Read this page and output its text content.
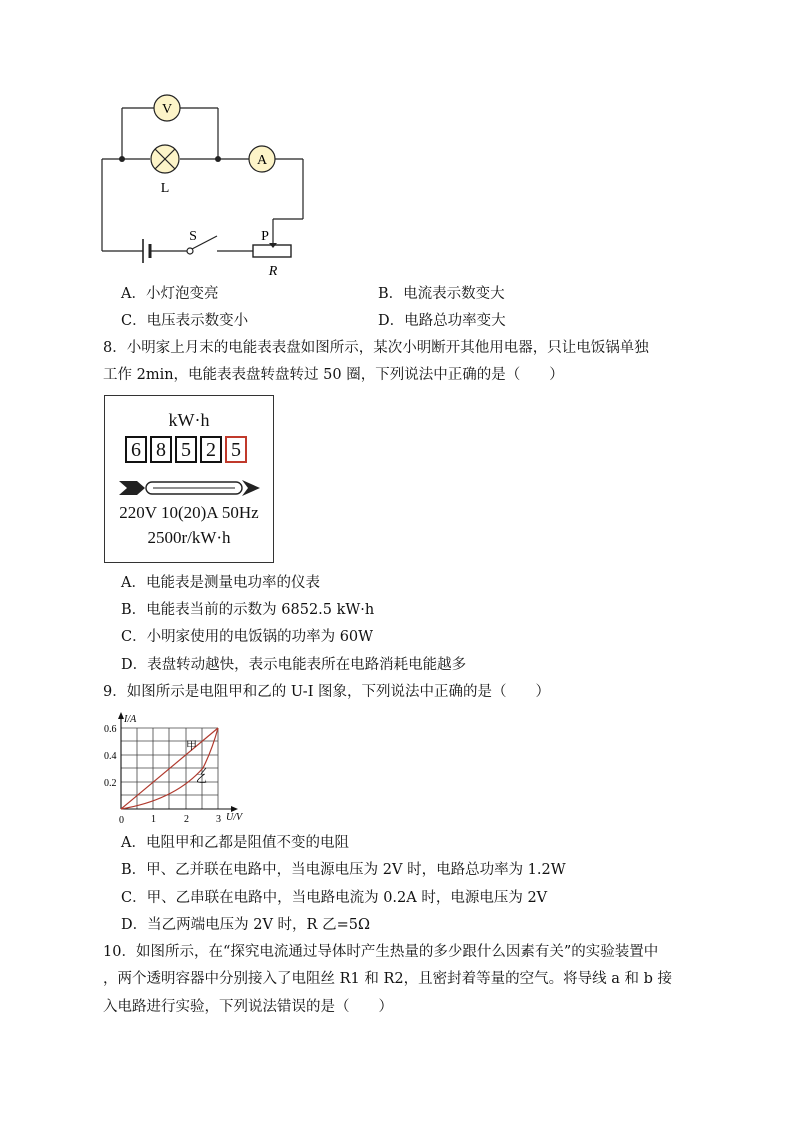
V
A
L
S	P
R
A．小灯泡变亮	B．电流表示数变大
C．电压表示数变小	D．电路总功率变大
8．小明家上月末的电能表表盘如图所示，某次小明断开其他用电器，只让电饭锅单独
工作 2min，电能表表盘转盘转过 50 圈，下列说法中正确的是（　　）
kW·h
6 8 5 2 5
220V 10(20)A 50Hz
2500r/kW·h
A．电能表是测量电功率的仪表
B．电能表当前的示数为 6852.5 kW·h
C．小明家使用的电饭锅的功率为 60W
D．表盘转动越快，表示电能表所在电路消耗电能越多
9．如图所示是电阻甲和乙的 U-I 图象，下列说法中正确的是（　　）
I/A
U/V
0.6
0.4
0.2
0	1	2	3
甲
乙
A．电阻甲和乙都是阻值不变的电阻
B．甲、乙并联在电路中，当电源电压为 2V 时，电路总功率为 1.2W
C．甲、乙串联在电路中，当电路电流为 0.2A 时，电源电压为 2V
D．当乙两端电压为 2V 时，R 乙=5Ω
10．如图所示，在“探究电流通过导体时产生热量的多少跟什么因素有关”的实验装置中
，两个透明容器中分别接入了电阻丝 R1 和 R2，且密封着等量的空气。将导线 a 和 b 接
入电路进行实验，下列说法错误的是（　　）
